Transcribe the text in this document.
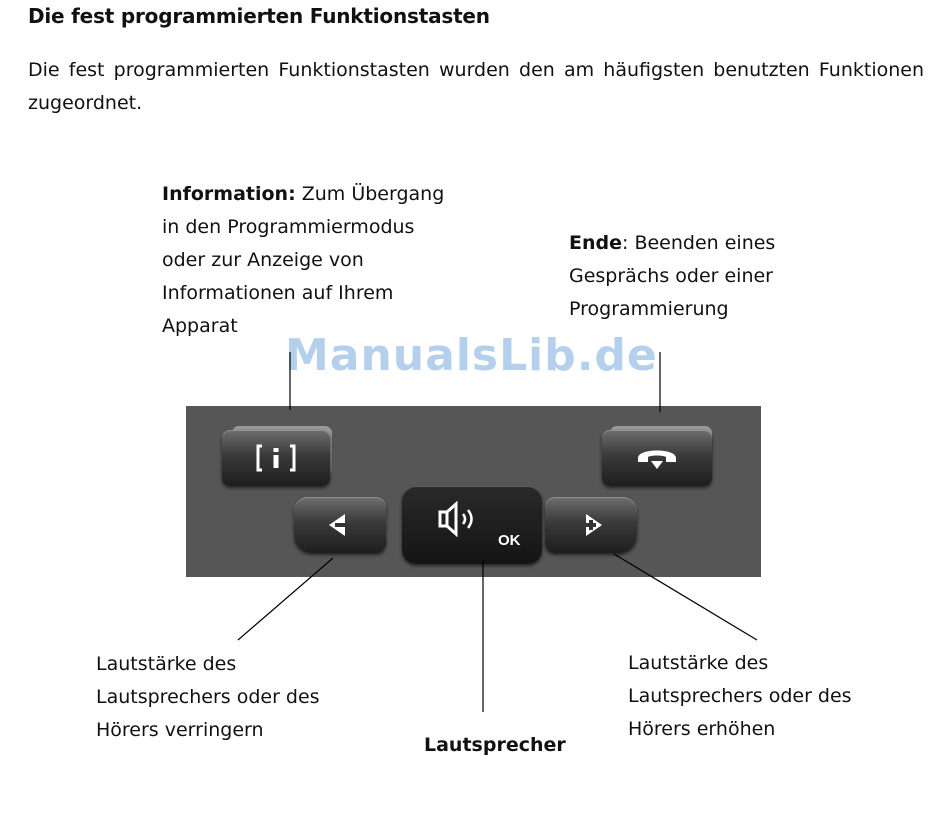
Die fest programmierten Funktionstasten

Die fest programmierten Funktionstasten wurden den am häufigsten benutzten Funktionen zugeordnet.

ManualsLib.de

Information: Zum Übergang in den Programmiermodus oder zur Anzeige von Informationen auf Ihrem Apparat

Ende: Beenden eines Gesprächs oder einer Programmierung

OK

Lautstärke des Lautsprechers oder des Hörers verringern

Lautstärke des Lautsprechers oder des Hörers erhöhen

Lautsprecher
